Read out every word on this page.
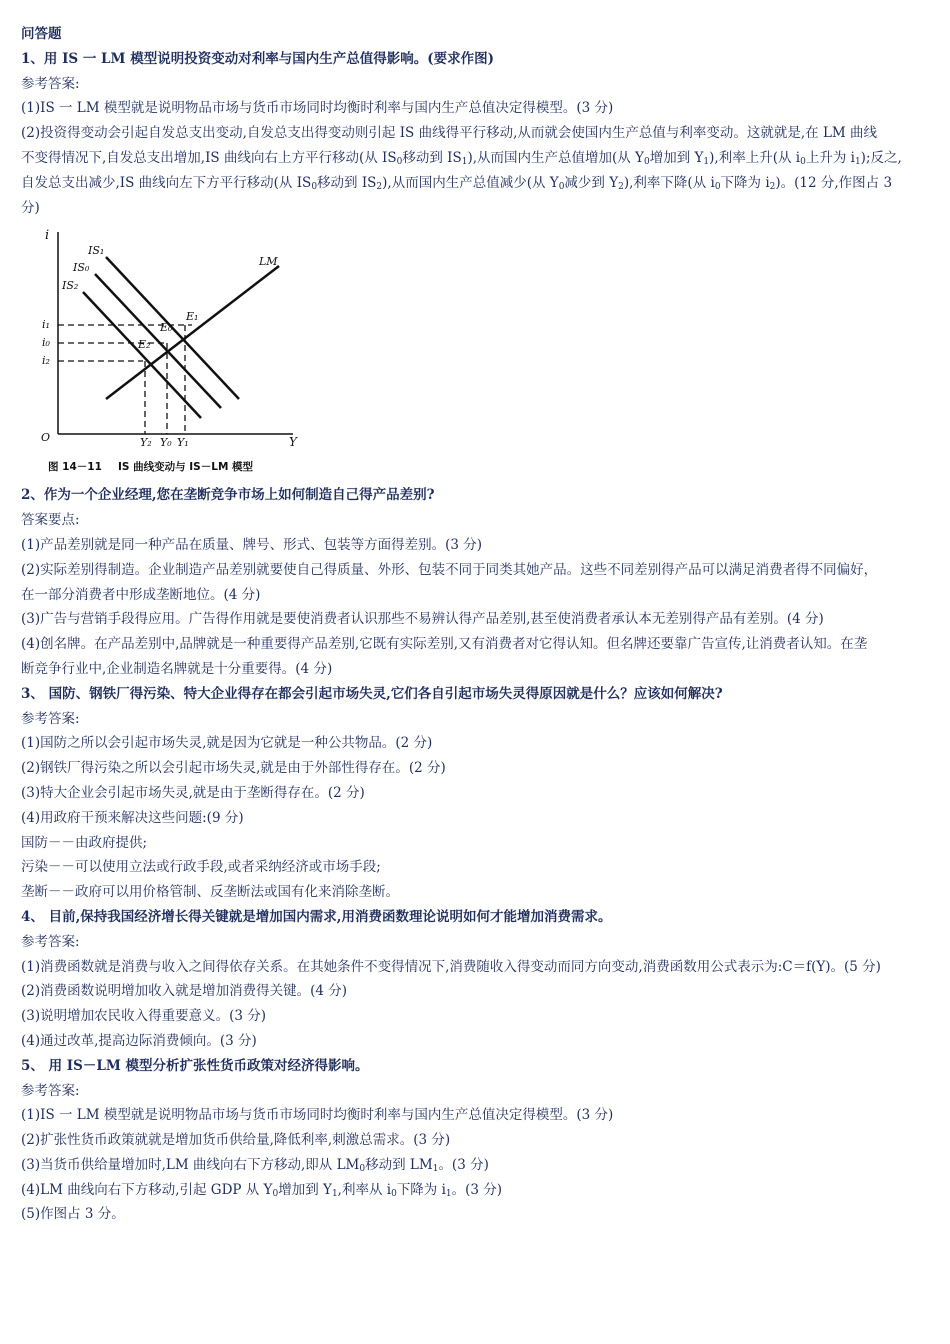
问答题
1、用 IS 一 LM 模型说明投资变动对利率与国内生产总值得影响。(要求作图)
参考答案:
(1)IS 一 LM 模型就是说明物品市场与货币市场同时均衡时利率与国内生产总值决定得模型。(3 分)
(2)投资得变动会引起自发总支出变动,自发总支出得变动则引起 IS 曲线得平行移动,从而就会使国内生产总值与利率变动。这就就是,在 LM 曲线
不变得情况下,自发总支出增加,IS 曲线向右上方平行移动(从 $IS_0$移动到 $IS_1$),从而国内生产总值增加(从 $Y_0$增加到 $Y_1$),利率上升(从 $i_0$上升为 $i_1$);反之,
自发总支出减少,IS 曲线向左下方平行移动(从 $IS_0$移动到 $IS_2$),从而国内生产总值减少(从 $Y_0$减少到 $Y_2$),利率下降(从 $i_0$下降为 $i_2$)。(12 分,作图占 3
分)
i
Y
O
LM
IS₁
IS₀
IS₂
i₁
i₀
i₂
E₁
E₀
E₂
Y₂ Y₀ Y₁
图 14－11 IS 曲线变动与 IS－LM 模型
2、作为一个企业经理,您在垄断竞争市场上如何制造自己得产品差别?
答案要点:
(1)产品差别就是同一种产品在质量、牌号、形式、包装等方面得差别。(3 分)
(2)实际差别得制造。企业制造产品差别就要使自己得质量、外形、包装不同于同类其她产品。这些不同差别得产品可以满足消费者得不同偏好，
在一部分消费者中形成垄断地位。(4 分)
(3)广告与营销手段得应用。广告得作用就是要使消费者认识那些不易辨认得产品差别,甚至使消费者承认本无差别得产品有差别。(4 分)
(4)创名牌。在产品差别中,品牌就是一种重要得产品差别,它既有实际差别,又有消费者对它得认知。但名牌还要靠广告宣传,让消费者认知。在垄
断竞争行业中,企业制造名牌就是十分重要得。(4 分)
3、 国防、钢铁厂得污染、特大企业得存在都会引起市场失灵,它们各自引起市场失灵得原因就是什么？应该如何解决?
参考答案:
(1)国防之所以会引起市场失灵,就是因为它就是一种公共物品。(2 分)
(2)钢铁厂得污染之所以会引起市场失灵,就是由于外部性得存在。(2 分)
(3)特大企业会引起市场失灵,就是由于垄断得存在。(2 分)
(4)用政府干预来解决这些问题:(9 分)
国防－－由政府提供;
污染－－可以使用立法或行政手段,或者采纳经济或市场手段;
垄断－－政府可以用价格管制、反垄断法或国有化来消除垄断。
4、 目前,保持我国经济增长得关键就是增加国内需求,用消费函数理论说明如何才能增加消费需求。
参考答案:
(1)消费函数就是消费与收入之间得依存关系。在其她条件不变得情况下,消费随收入得变动而同方向变动,消费函数用公式表示为:C＝f(Y)。(5 分)
(2)消费函数说明增加收入就是增加消费得关键。(4 分)
(3)说明增加农民收入得重要意义。(3 分)
(4)通过改革,提高边际消费倾向。(3 分)
5、 用 IS－LM 模型分析扩张性货币政策对经济得影响。
参考答案:
(1)IS 一 LM 模型就是说明物品市场与货币市场同时均衡时利率与国内生产总值决定得模型。(3 分)
(2)扩张性货币政策就就是增加货币供给量,降低利率,刺激总需求。(3 分)
(3)当货币供给量增加时,LM 曲线向右下方移动,即从 $LM_0$移动到 $LM_1$。(3 分)
(4)LM 曲线向右下方移动,引起 GDP 从 $Y_0$增加到 $Y_1$,利率从 $i_0$下降为 $i_1$。(3 分)
(5)作图占 3 分。
